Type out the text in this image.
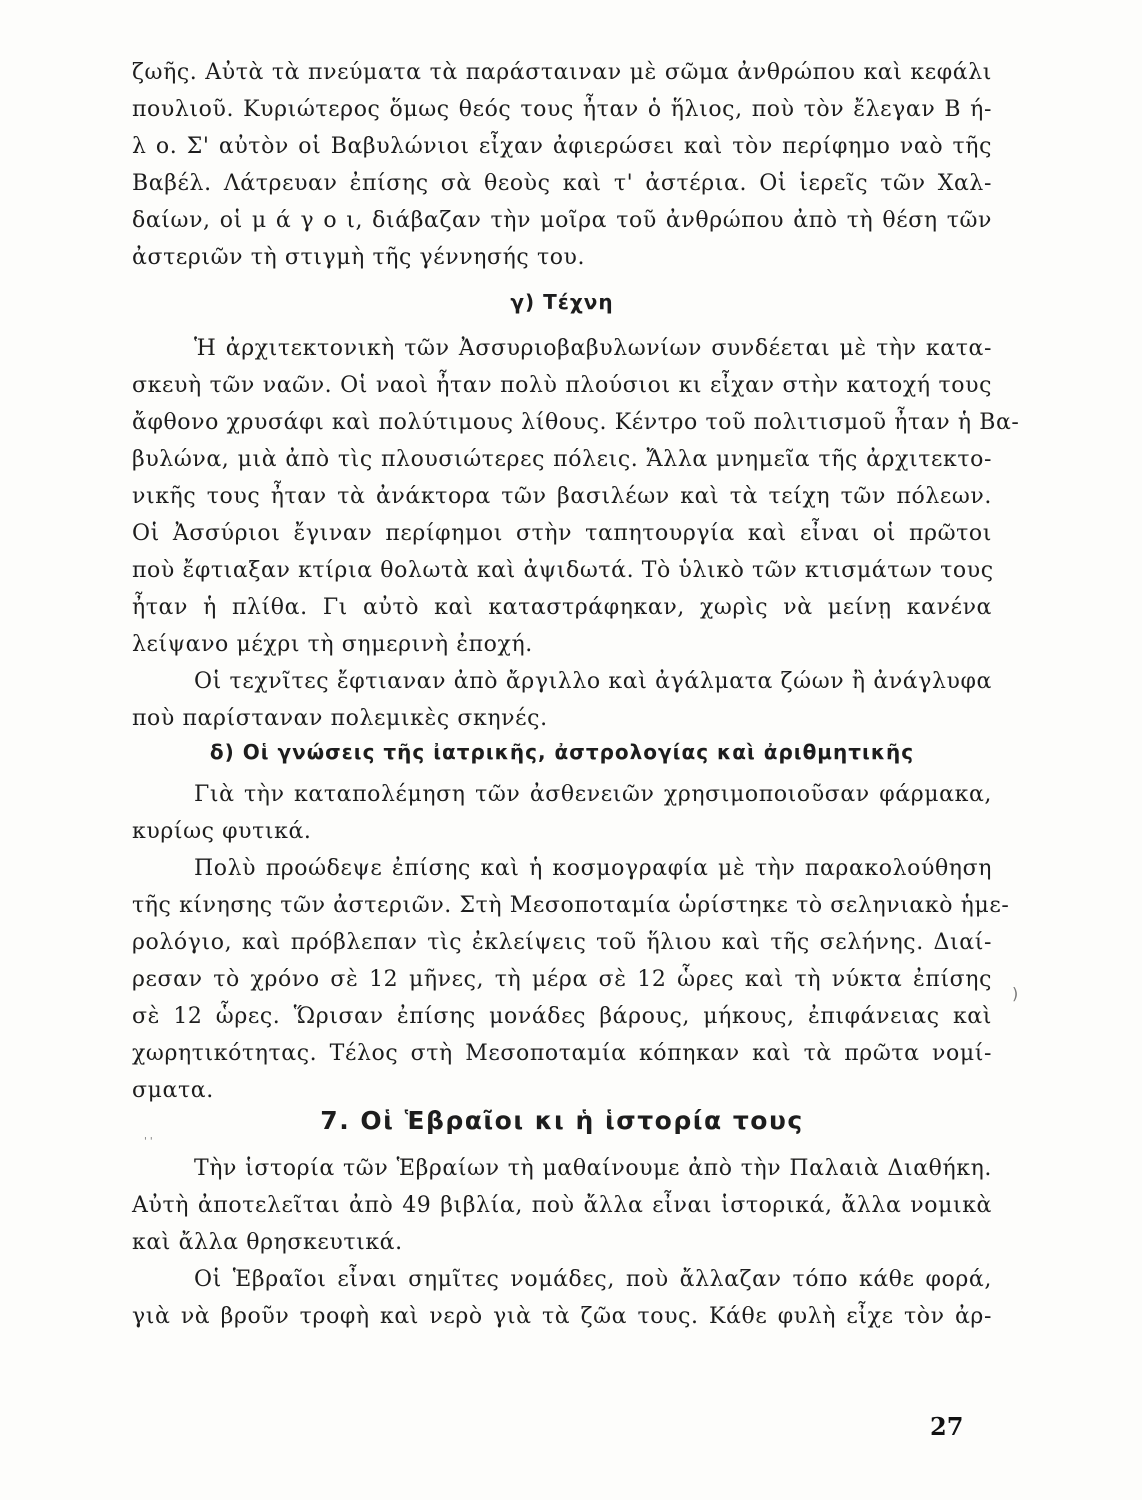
ζωῆς. Αὐτὰ τὰ πνεύματα τὰ παράσταιναν μὲ σῶμα ἀνθρώπου καὶ κεφάλι
πουλιοῦ. Κυριώτερος ὅμως θεός τους ἦταν ὁ ἥλιος, ποὺ τὸν ἔλεγαν Β ή-
λ ο. Σ' αὐτὸν οἱ Βαβυλώνιοι εἶχαν ἀφιερώσει καὶ τὸν περίφημο ναὸ τῆς
Βαβέλ. Λάτρευαν ἐπίσης σὰ θεοὺς καὶ τ' ἀστέρια. Οἱ ἱερεῖς τῶν Χαλ-
δαίων, οἱ μ ά γ ο ι, διάβαζαν τὴν μοῖρα τοῦ ἀνθρώπου ἀπὸ τὴ θέση τῶν
ἀστεριῶν τὴ στιγμὴ τῆς γέννησής του.
γ) Τέχνη
Ἡ ἀρχιτεκτονικὴ τῶν Ἀσσυριοβαβυλωνίων συνδέεται μὲ τὴν κατα-
σκευὴ τῶν ναῶν. Οἱ ναοὶ ἦταν πολὺ πλούσιοι κι εἶχαν στὴν κατοχή τους
ἄφθονο χρυσάφι καὶ πολύτιμους λίθους. Κέντρο τοῦ πολιτισμοῦ ἦταν ἡ Βα-
βυλώνα, μιὰ ἀπὸ τὶς πλουσιώτερες πόλεις. Ἄλλα μνημεῖα τῆς ἀρχιτεκτο-
νικῆς τους ἦταν τὰ ἀνάκτορα τῶν βασιλέων καὶ τὰ τείχη τῶν πόλεων.
Οἱ Ἀσσύριοι ἔγιναν περίφημοι στὴν ταπητουργία καὶ εἶναι οἱ πρῶτοι
ποὺ ἔφτιαξαν κτίρια θολωτὰ καὶ ἀψιδωτά. Τὸ ὑλικὸ τῶν κτισμάτων τους
ἦταν ἡ πλίθα. Γι αὐτὸ καὶ καταστράφηκαν, χωρὶς νὰ μείνῃ κανένα
λείψανο μέχρι τὴ σημερινὴ ἐποχή.
Οἱ τεχνῖτες ἔφτιαναν ἀπὸ ἄργιλλο καὶ ἀγάλματα ζώων ἢ ἀνάγλυφα
ποὺ παρίσταναν πολεμικὲς σκηνές.
δ) Οἱ γνώσεις τῆς ἰατρικῆς, ἀστρολογίας καὶ ἀριθμητικῆς
Γιὰ τὴν καταπολέμηση τῶν ἀσθενειῶν χρησιμοποιοῦσαν φάρμακα,
κυρίως φυτικά.
Πολὺ προώδεψε ἐπίσης καὶ ἡ κοσμογραφία μὲ τὴν παρακολούθηση
τῆς κίνησης τῶν ἀστεριῶν. Στὴ Μεσοποταμία ὡρίστηκε τὸ σεληνιακὸ ἡμε-
ρολόγιο, καὶ πρόβλεπαν τὶς ἐκλείψεις τοῦ ἥλιου καὶ τῆς σελήνης. Διαί-
ρεσαν τὸ χρόνο σὲ 12 μῆνες, τὴ μέρα σὲ 12 ὧρες καὶ τὴ νύκτα ἐπίσης
σὲ 12 ὧρες. Ὥρισαν ἐπίσης μονάδες βάρους, μήκους, ἐπιφάνειας καὶ
χωρητικότητας. Τέλος στὴ Μεσοποταμία κόπηκαν καὶ τὰ πρῶτα νομί-
σματα.
7. Οἱ Ἑβραῖοι κι ἡ ἱστορία τους
Τὴν ἱστορία τῶν Ἑβραίων τὴ μαθαίνουμε ἀπὸ τὴν Παλαιὰ Διαθήκη.
Αὐτὴ ἀποτελεῖται ἀπὸ 49 βιβλία, ποὺ ἄλλα εἶναι ἱστορικά, ἄλλα νομικὰ
καὶ ἄλλα θρησκευτικά.
Οἱ Ἑβραῖοι εἶναι σημῖτες νομάδες, ποὺ ἄλλαζαν τόπο κάθε φορά,
γιὰ νὰ βροῦν τροφὴ καὶ νερὸ γιὰ τὰ ζῶα τους. Κάθε φυλὴ εἶχε τὸν ἀρ-
)
' '
27
